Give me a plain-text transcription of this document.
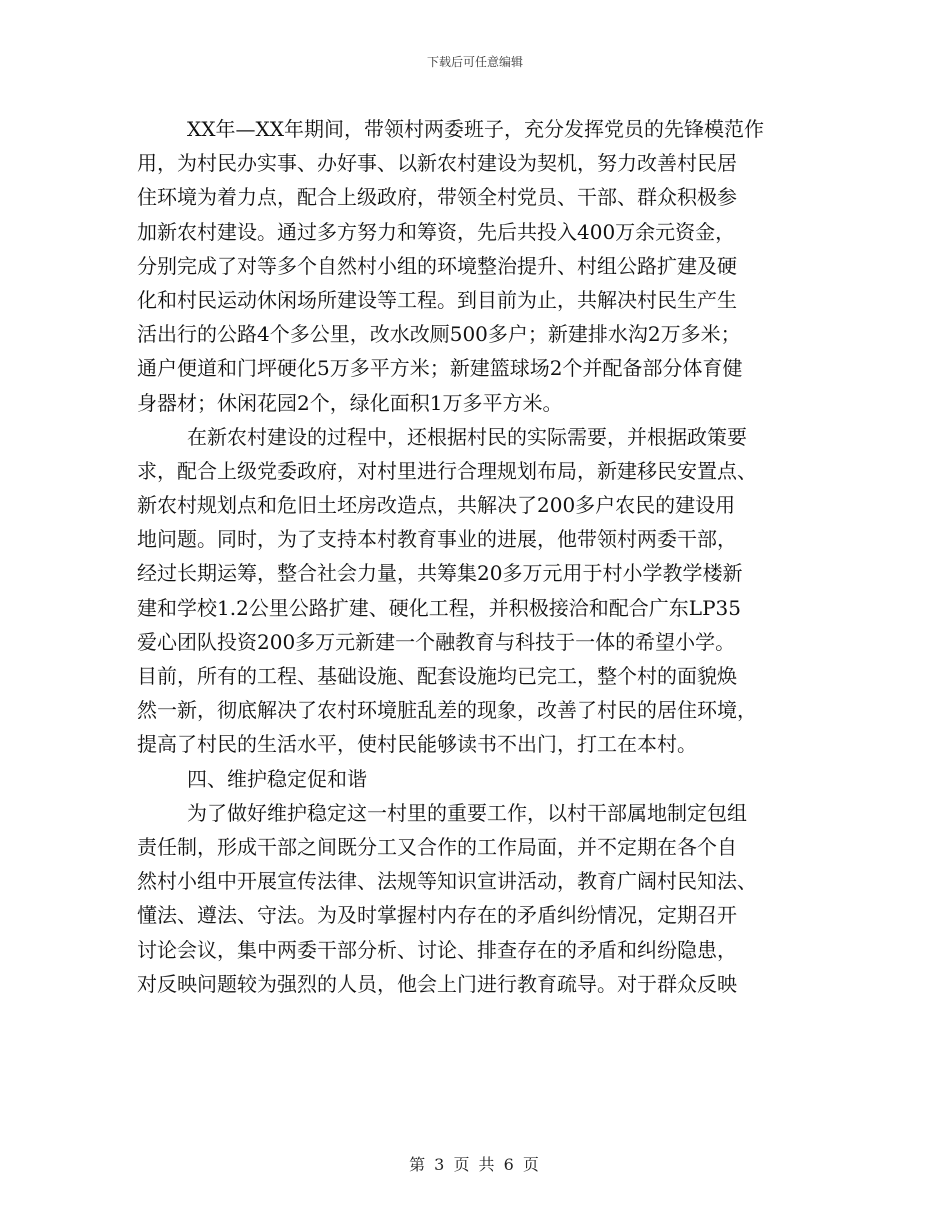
下载后可任意编辑
XX年—XX年期间，带领村两委班子，充分发挥党员的先锋模范作
用，为村民办实事、办好事、以新农村建设为契机，努力改善村民居
住环境为着力点，配合上级政府，带领全村党员、干部、群众积极参
加新农村建设。通过多方努力和筹资，先后共投入400万余元资金，
分别完成了对等多个自然村小组的环境整治提升、村组公路扩建及硬
化和村民运动休闲场所建设等工程。到目前为止，共解决村民生产生
活出行的公路4个多公里，改水改厕500多户；新建排水沟2万多米；
通户便道和门坪硬化5万多平方米；新建篮球场2个并配备部分体育健
身器材；休闲花园2个，绿化面积1万多平方米。
在新农村建设的过程中，还根据村民的实际需要，并根据政策要
求，配合上级党委政府，对村里进行合理规划布局，新建移民安置点、
新农村规划点和危旧土坯房改造点，共解决了200多户农民的建设用
地问题。同时，为了支持本村教育事业的进展，他带领村两委干部，
经过长期运筹，整合社会力量，共筹集20多万元用于村小学教学楼新
建和学校1.2公里公路扩建、硬化工程，并积极接洽和配合广东LP35
爱心团队投资200多万元新建一个融教育与科技于一体的希望小学。
目前，所有的工程、基础设施、配套设施均已完工，整个村的面貌焕
然一新，彻底解决了农村环境脏乱差的现象，改善了村民的居住环境，
提高了村民的生活水平，使村民能够读书不出门，打工在本村。
四、维护稳定促和谐
为了做好维护稳定这一村里的重要工作，以村干部属地制定包组
责任制，形成干部之间既分工又合作的工作局面，并不定期在各个自
然村小组中开展宣传法律、法规等知识宣讲活动，教育广阔村民知法、
懂法、遵法、守法。为及时掌握村内存在的矛盾纠纷情况，定期召开
讨论会议，集中两委干部分析、讨论、排查存在的矛盾和纠纷隐患，
对反映问题较为强烈的人员，他会上门进行教育疏导。对于群众反映
第 3 页 共 6 页
